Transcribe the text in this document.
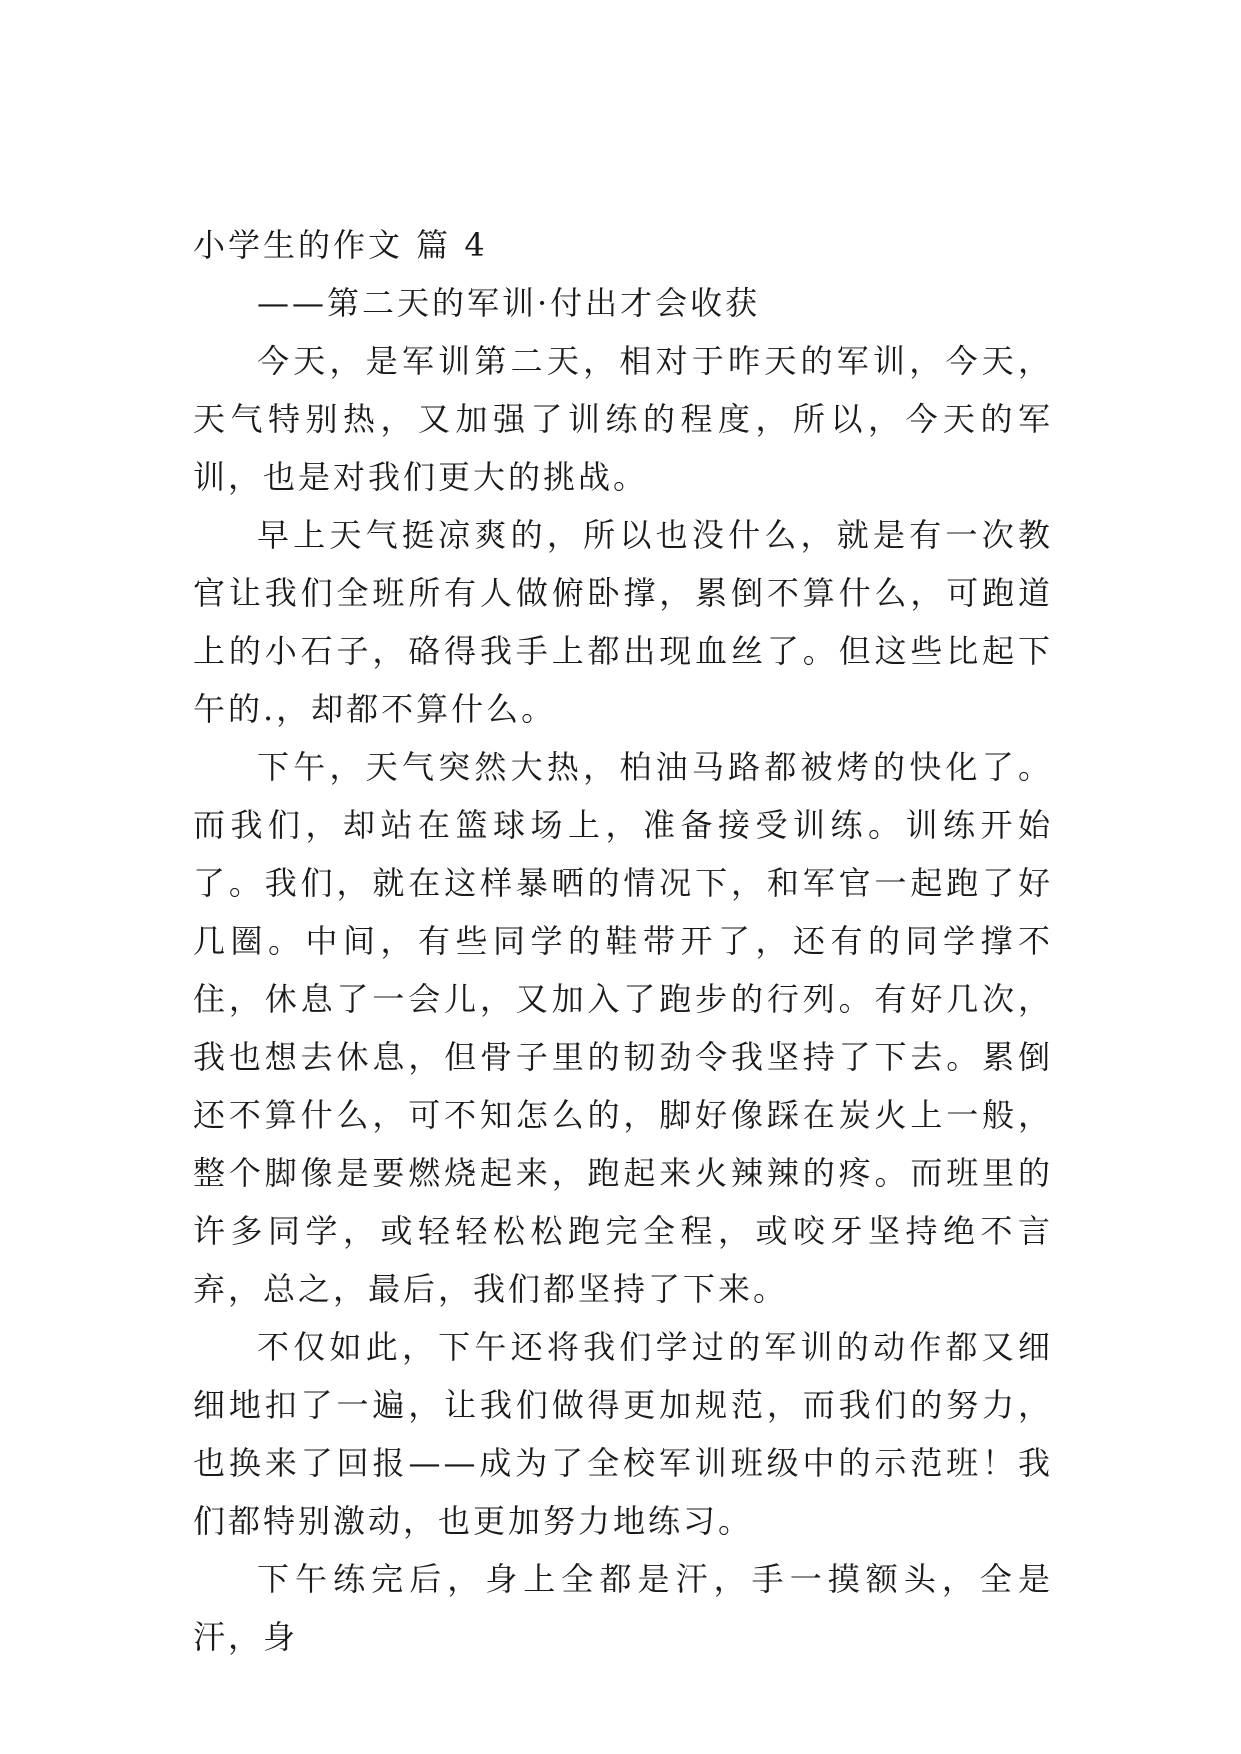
小学生的作文 篇 4

——第二天的军训·付出才会收获

今天，是军训第二天，相对于昨天的军训，今天，天气特别热，又加强了训练的程度，所以，今天的军训，也是对我们更大的挑战。

早上天气挺凉爽的，所以也没什么，就是有一次教官让我们全班所有人做俯卧撑，累倒不算什么，可跑道上的小石子，硌得我手上都出现血丝了。但这些比起下午的.，却都不算什么。

下午，天气突然大热，柏油马路都被烤的快化了。而我们，却站在篮球场上，准备接受训练。训练开始了。我们，就在这样暴晒的情况下，和军官一起跑了好几圈。中间，有些同学的鞋带开了，还有的同学撑不住，休息了一会儿，又加入了跑步的行列。有好几次，我也想去休息，但骨子里的韧劲令我坚持了下去。累倒还不算什么，可不知怎么的，脚好像踩在炭火上一般，整个脚像是要燃烧起来，跑起来火辣辣的疼。而班里的许多同学，或轻轻松松跑完全程，或咬牙坚持绝不言弃，总之，最后，我们都坚持了下来。

不仅如此，下午还将我们学过的军训的动作都又细细地扣了一遍，让我们做得更加规范，而我们的努力，也换来了回报——成为了全校军训班级中的示范班！我们都特别激动，也更加努力地练习。

下午练完后，身上全都是汗，手一摸额头，全是汗，身
